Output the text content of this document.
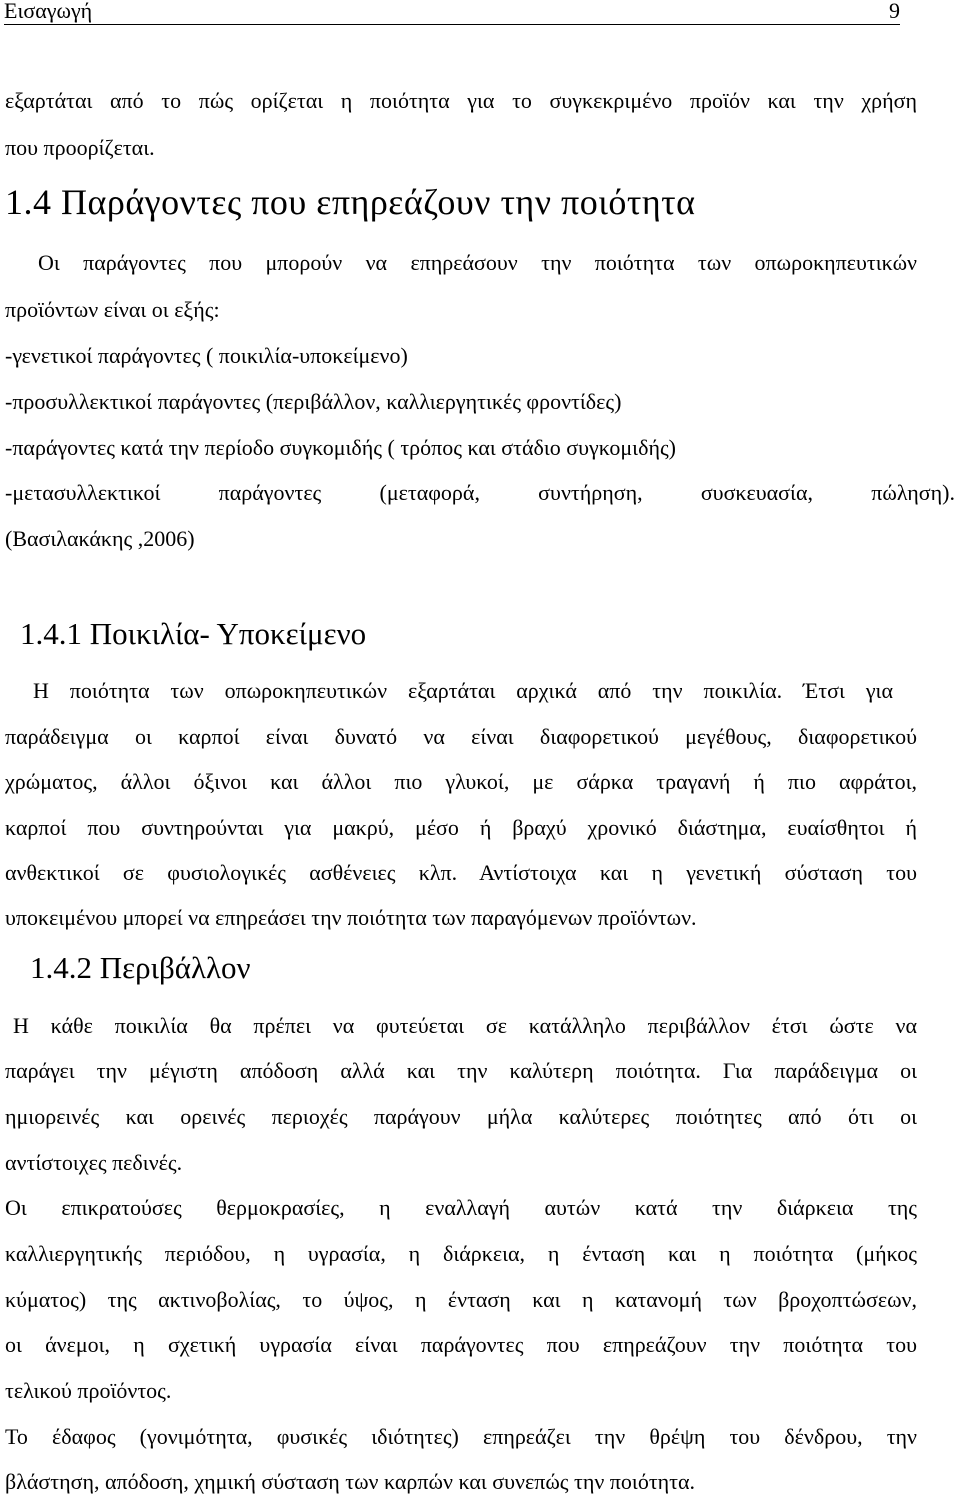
Εισαγωγή	9
εξαρτάται από το πώς ορίζεται η ποιότητα για το συγκεκριμένο προϊόν και την χρήση
που προορίζεται.
1.4 Παράγοντες που επηρεάζουν την ποιότητα
Οι παράγοντες που μπορούν να επηρεάσουν την ποιότητα των οπωροκηπευτικών
προϊόντων είναι οι εξής:
-γενετικοί παράγοντες ( ποικιλία-υποκείμενο)
-προσυλλεκτικοί παράγοντες (περιβάλλον, καλλιεργητικές φροντίδες)
-παράγοντες κατά την περίοδο συγκομιδής ( τρόπος και στάδιο συγκομιδής)
-μετασυλλεκτικοί παράγοντες (μεταφορά, συντήρηση, συσκευασία, πώληση).
(Βασιλακάκης ,2006)
1.4.1 Ποικιλία- Υποκείμενο
Η ποιότητα των οπωροκηπευτικών εξαρτάται αρχικά από την ποικιλία. Έτσι για
παράδειγμα οι καρποί είναι δυνατό να είναι διαφορετικού μεγέθους, διαφορετικού
χρώματος, άλλοι όξινοι και άλλοι πιο γλυκοί, με σάρκα τραγανή ή πιο αφράτοι,
καρποί που συντηρούνται για μακρύ, μέσο ή βραχύ χρονικό διάστημα, ευαίσθητοι ή
ανθεκτικοί σε φυσιολογικές ασθένειες κλπ. Αντίστοιχα και η γενετική σύσταση του
υποκειμένου μπορεί να επηρεάσει την ποιότητα των παραγόμενων προϊόντων.
1.4.2 Περιβάλλον
Η κάθε ποικιλία θα πρέπει να φυτεύεται σε κατάλληλο περιβάλλον έτσι ώστε να
παράγει την μέγιστη απόδοση αλλά και την καλύτερη ποιότητα. Για παράδειγμα οι
ημιορεινές και ορεινές περιοχές παράγουν μήλα καλύτερες ποιότητες από ότι οι
αντίστοιχες πεδινές.
Οι επικρατούσες θερμοκρασίες, η εναλλαγή αυτών κατά την διάρκεια της
καλλιεργητικής περιόδου, η υγρασία, η διάρκεια, η ένταση και η ποιότητα (μήκος
κύματος) της ακτινοβολίας, το ύψος, η ένταση και η κατανομή των βροχοπτώσεων,
οι άνεμοι, η σχετική υγρασία είναι παράγοντες που επηρεάζουν την ποιότητα του
τελικού προϊόντος.
Το έδαφος (γονιμότητα, φυσικές ιδιότητες) επηρεάζει την θρέψη του δένδρου, την
βλάστηση, απόδοση, χημική σύσταση των καρπών και συνεπώς την ποιότητα.
